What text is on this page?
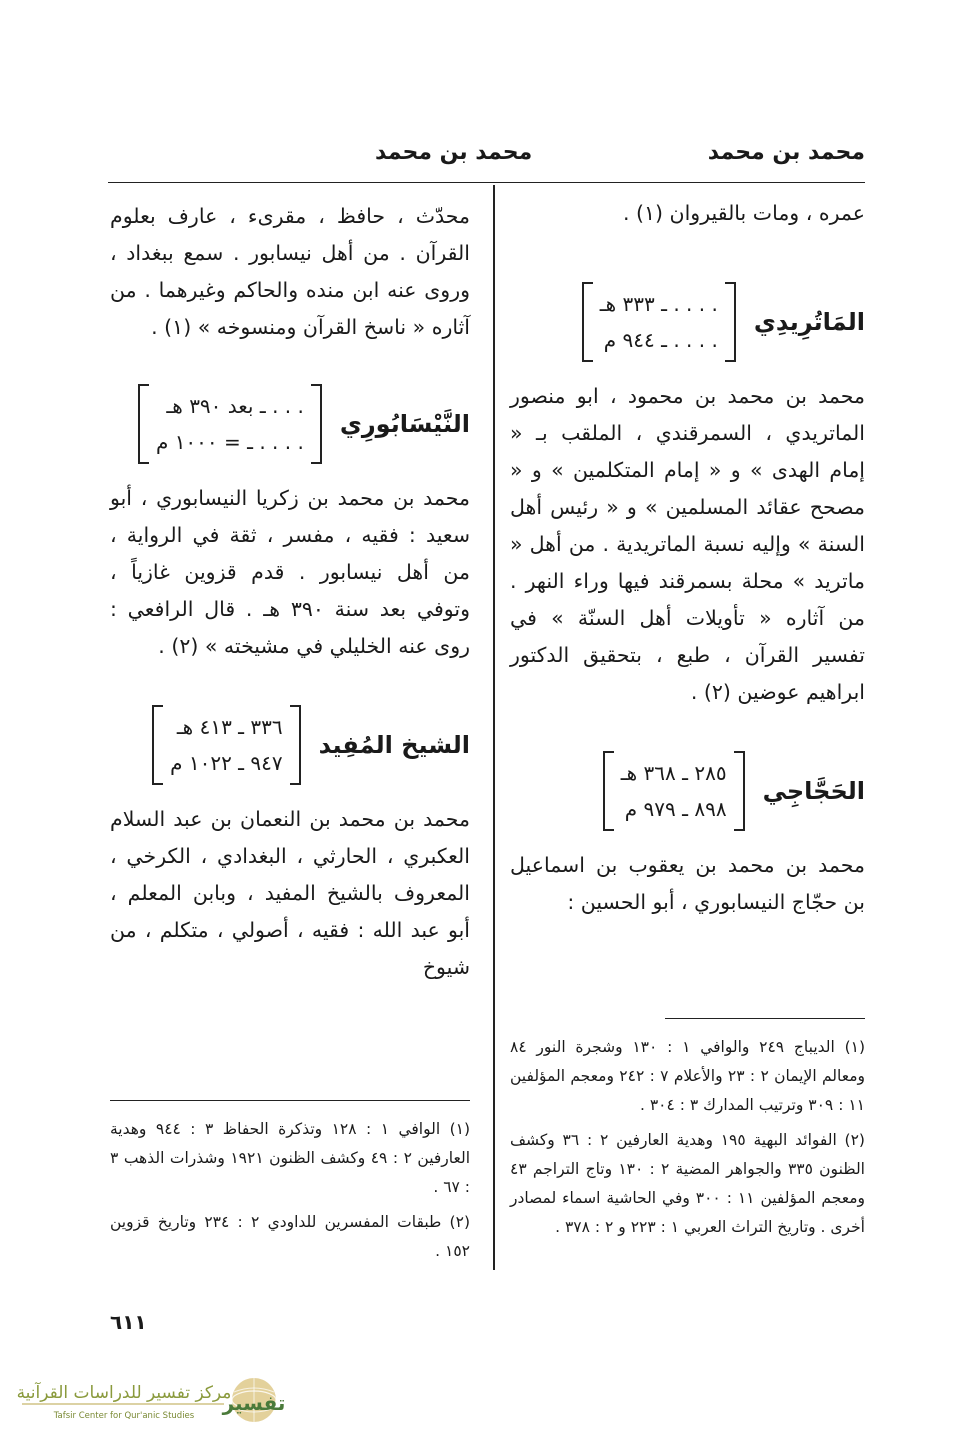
محمد بن محمد
محمد بن محمد

عمره ، ومات بالقيروان (١) .

المَاتُرِيدِي
. . . . ـ ٣٣٣ هـ
. . . . ـ ٩٤٤ م

محمد بن محمد بن محمود ، ابو منصور الماتريدي ، السمرقندي ، الملقب بـ « إمام الهدى » و « إمام المتكلمين » و « مصحح عقائد المسلمين » و « رئيس أهل السنة » وإليه نسبة الماتريدية . من أهل « ماتريد » محلة بسمرقند فيها وراء النهر . من آثاره « تأويلات أهل السنّة » في تفسير القرآن ، طبع ، بتحقيق الدكتور ابراهيم عوضين (٢) .

الحَجَّاجِي
٢٨٥ ـ ٣٦٨ هـ
٨٩٨ ـ ٩٧٩ م

محمد بن محمد بن يعقوب بن اسماعيل بن حجّاج النيسابوري ، أبو الحسين :

(١) الديباج ٢٤٩ والوافي ١ : ١٣٠ وشجرة النور ٨٤ ومعالم الإيمان ٢ : ٢٣ والأعلام ٧ : ٢٤٢ ومعجم المؤلفين ١١ : ٣٠٩ وترتيب المدارك ٣ : ٣٠٤ .

(٢) الفوائد البهية ١٩٥ وهدية العارفين ٢ : ٣٦ وكشف الظنون ٣٣٥ والجواهر المضية ٢ : ١٣٠ وتاج التراجم ٤٣ ومعجم المؤلفين ١١ : ٣٠٠ وفي الحاشية اسماء لمصادر أخرى . وتاريخ التراث العربي ١ : ٢٢٣ و ٢ : ٣٧٨ .

محدّث ، حافظ ، مقرىء ، عارف بعلوم القرآن . من أهل نيسابور . سمع ببغداد ، وروى عنه ابن منده والحاكم وغيرهما . من آثاره « ناسخ القرآن ومنسوخه » (١) .

النَّيْسَابُورِي
. . . ـ بعد ٣٩٠ هـ
. . . . ـ = ١٠٠٠ م

محمد بن محمد بن زكريا النيسابوري ، أبو سعيد : فقيه ، مفسر ، ثقة في الرواية ، من أهل نيسابور . قدم قزوين غازياً ، وتوفي بعد سنة ٣٩٠ هـ . قال الرافعي : روى عنه الخليلي في مشيخته » (٢) .

الشيخ المُفِيد
٣٣٦ ـ ٤١٣ هـ
٩٤٧ ـ ١٠٢٢ م

محمد بن محمد بن النعمان بن عبد السلام العكبري ، الحارثي ، البغدادي ، الكرخي ، المعروف بالشيخ المفيد ، وبابن المعلم ، أبو عبد الله : فقيه ، أصولي ، متكلم ، من شيوخ

(١) الوافي ١ : ١٢٨ وتذكرة الحفاظ ٣ : ٩٤٤ وهدية العارفين ٢ : ٤٩ وكشف الظنون ١٩٢١ وشذرات الذهب ٣ : ٦٧ .

(٢) طبقات المفسرين للداودي ٢ : ٢٣٤ وتاريخ قزوين ١٥٢ .

٦١١
تفسير
مركز تفسير للدراسات القرآنية
Tafsir Center for Qur'anic Studies
